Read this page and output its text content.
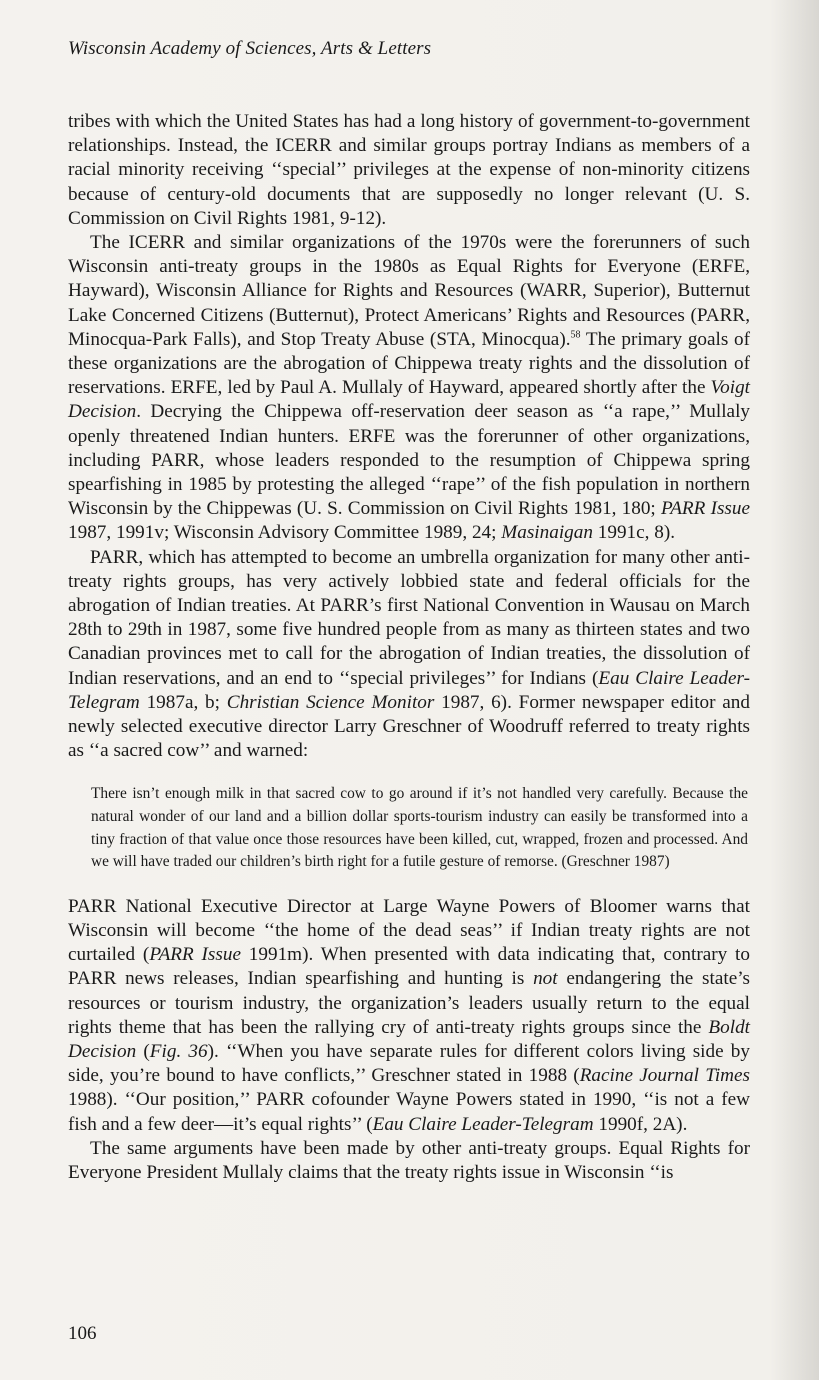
Wisconsin Academy of Sciences, Arts & Letters

tribes with which the United States has had a long history of government-to-government relationships. Instead, the ICERR and similar groups portray Indians as members of a racial minority receiving ‘‘special’’ privileges at the expense of non-minority citizens because of century-old documents that are supposedly no longer relevant (U. S. Commission on Civil Rights 1981, 9-12).

The ICERR and similar organizations of the 1970s were the forerunners of such Wisconsin anti-treaty groups in the 1980s as Equal Rights for Everyone (ERFE, Hayward), Wisconsin Alliance for Rights and Resources (WARR, Superior), Butternut Lake Concerned Citizens (Butternut), Protect Americans’ Rights and Resources (PARR, Minocqua-Park Falls), and Stop Treaty Abuse (STA, Minocqua).$^{58}$ The primary goals of these organizations are the abrogation of Chippewa treaty rights and the dissolution of reservations. ERFE, led by Paul A. Mullaly of Hayward, appeared shortly after the Voigt Decision. Decrying the Chippewa off-reservation deer season as ‘‘a rape,’’ Mullaly openly threatened Indian hunters. ERFE was the forerunner of other organizations, including PARR, whose leaders responded to the resumption of Chippewa spring spearfishing in 1985 by protesting the alleged ‘‘rape’’ of the fish population in northern Wisconsin by the Chippewas (U. S. Commission on Civil Rights 1981, 180; PARR Issue 1987, 1991v; Wisconsin Advisory Committee 1989, 24; Masinaigan 1991c, 8).

PARR, which has attempted to become an umbrella organization for many other anti-treaty rights groups, has very actively lobbied state and federal officials for the abrogation of Indian treaties. At PARR’s first National Convention in Wausau on March 28th to 29th in 1987, some five hundred people from as many as thirteen states and two Canadian provinces met to call for the abrogation of Indian treaties, the dissolution of Indian reservations, and an end to ‘‘special privileges’’ for Indians (Eau Claire Leader-Telegram 1987a, b; Christian Science Monitor 1987, 6). Former newspaper editor and newly selected executive director Larry Greschner of Woodruff referred to treaty rights as ‘‘a sacred cow’’ and warned:

There isn’t enough milk in that sacred cow to go around if it’s not handled very carefully. Because the natural wonder of our land and a billion dollar sports-tourism industry can easily be transformed into a tiny fraction of that value once those resources have been killed, cut, wrapped, frozen and processed. And we will have traded our children’s birth right for a futile gesture of remorse. (Greschner 1987)

PARR National Executive Director at Large Wayne Powers of Bloomer warns that Wisconsin will become ‘‘the home of the dead seas’’ if Indian treaty rights are not curtailed (PARR Issue 1991m). When presented with data indicating that, contrary to PARR news releases, Indian spearfishing and hunting is not endangering the state’s resources or tourism industry, the organization’s leaders usually return to the equal rights theme that has been the rallying cry of anti-treaty rights groups since the Boldt Decision (Fig. 36). ‘‘When you have separate rules for different colors living side by side, you’re bound to have conflicts,’’ Greschner stated in 1988 (Racine Journal Times 1988). ‘‘Our position,’’ PARR cofounder Wayne Powers stated in 1990, ‘‘is not a few fish and a few deer—it’s equal rights’’ (Eau Claire Leader-Telegram 1990f, 2A).

The same arguments have been made by other anti-treaty groups. Equal Rights for Everyone President Mullaly claims that the treaty rights issue in Wisconsin ‘‘is

106
